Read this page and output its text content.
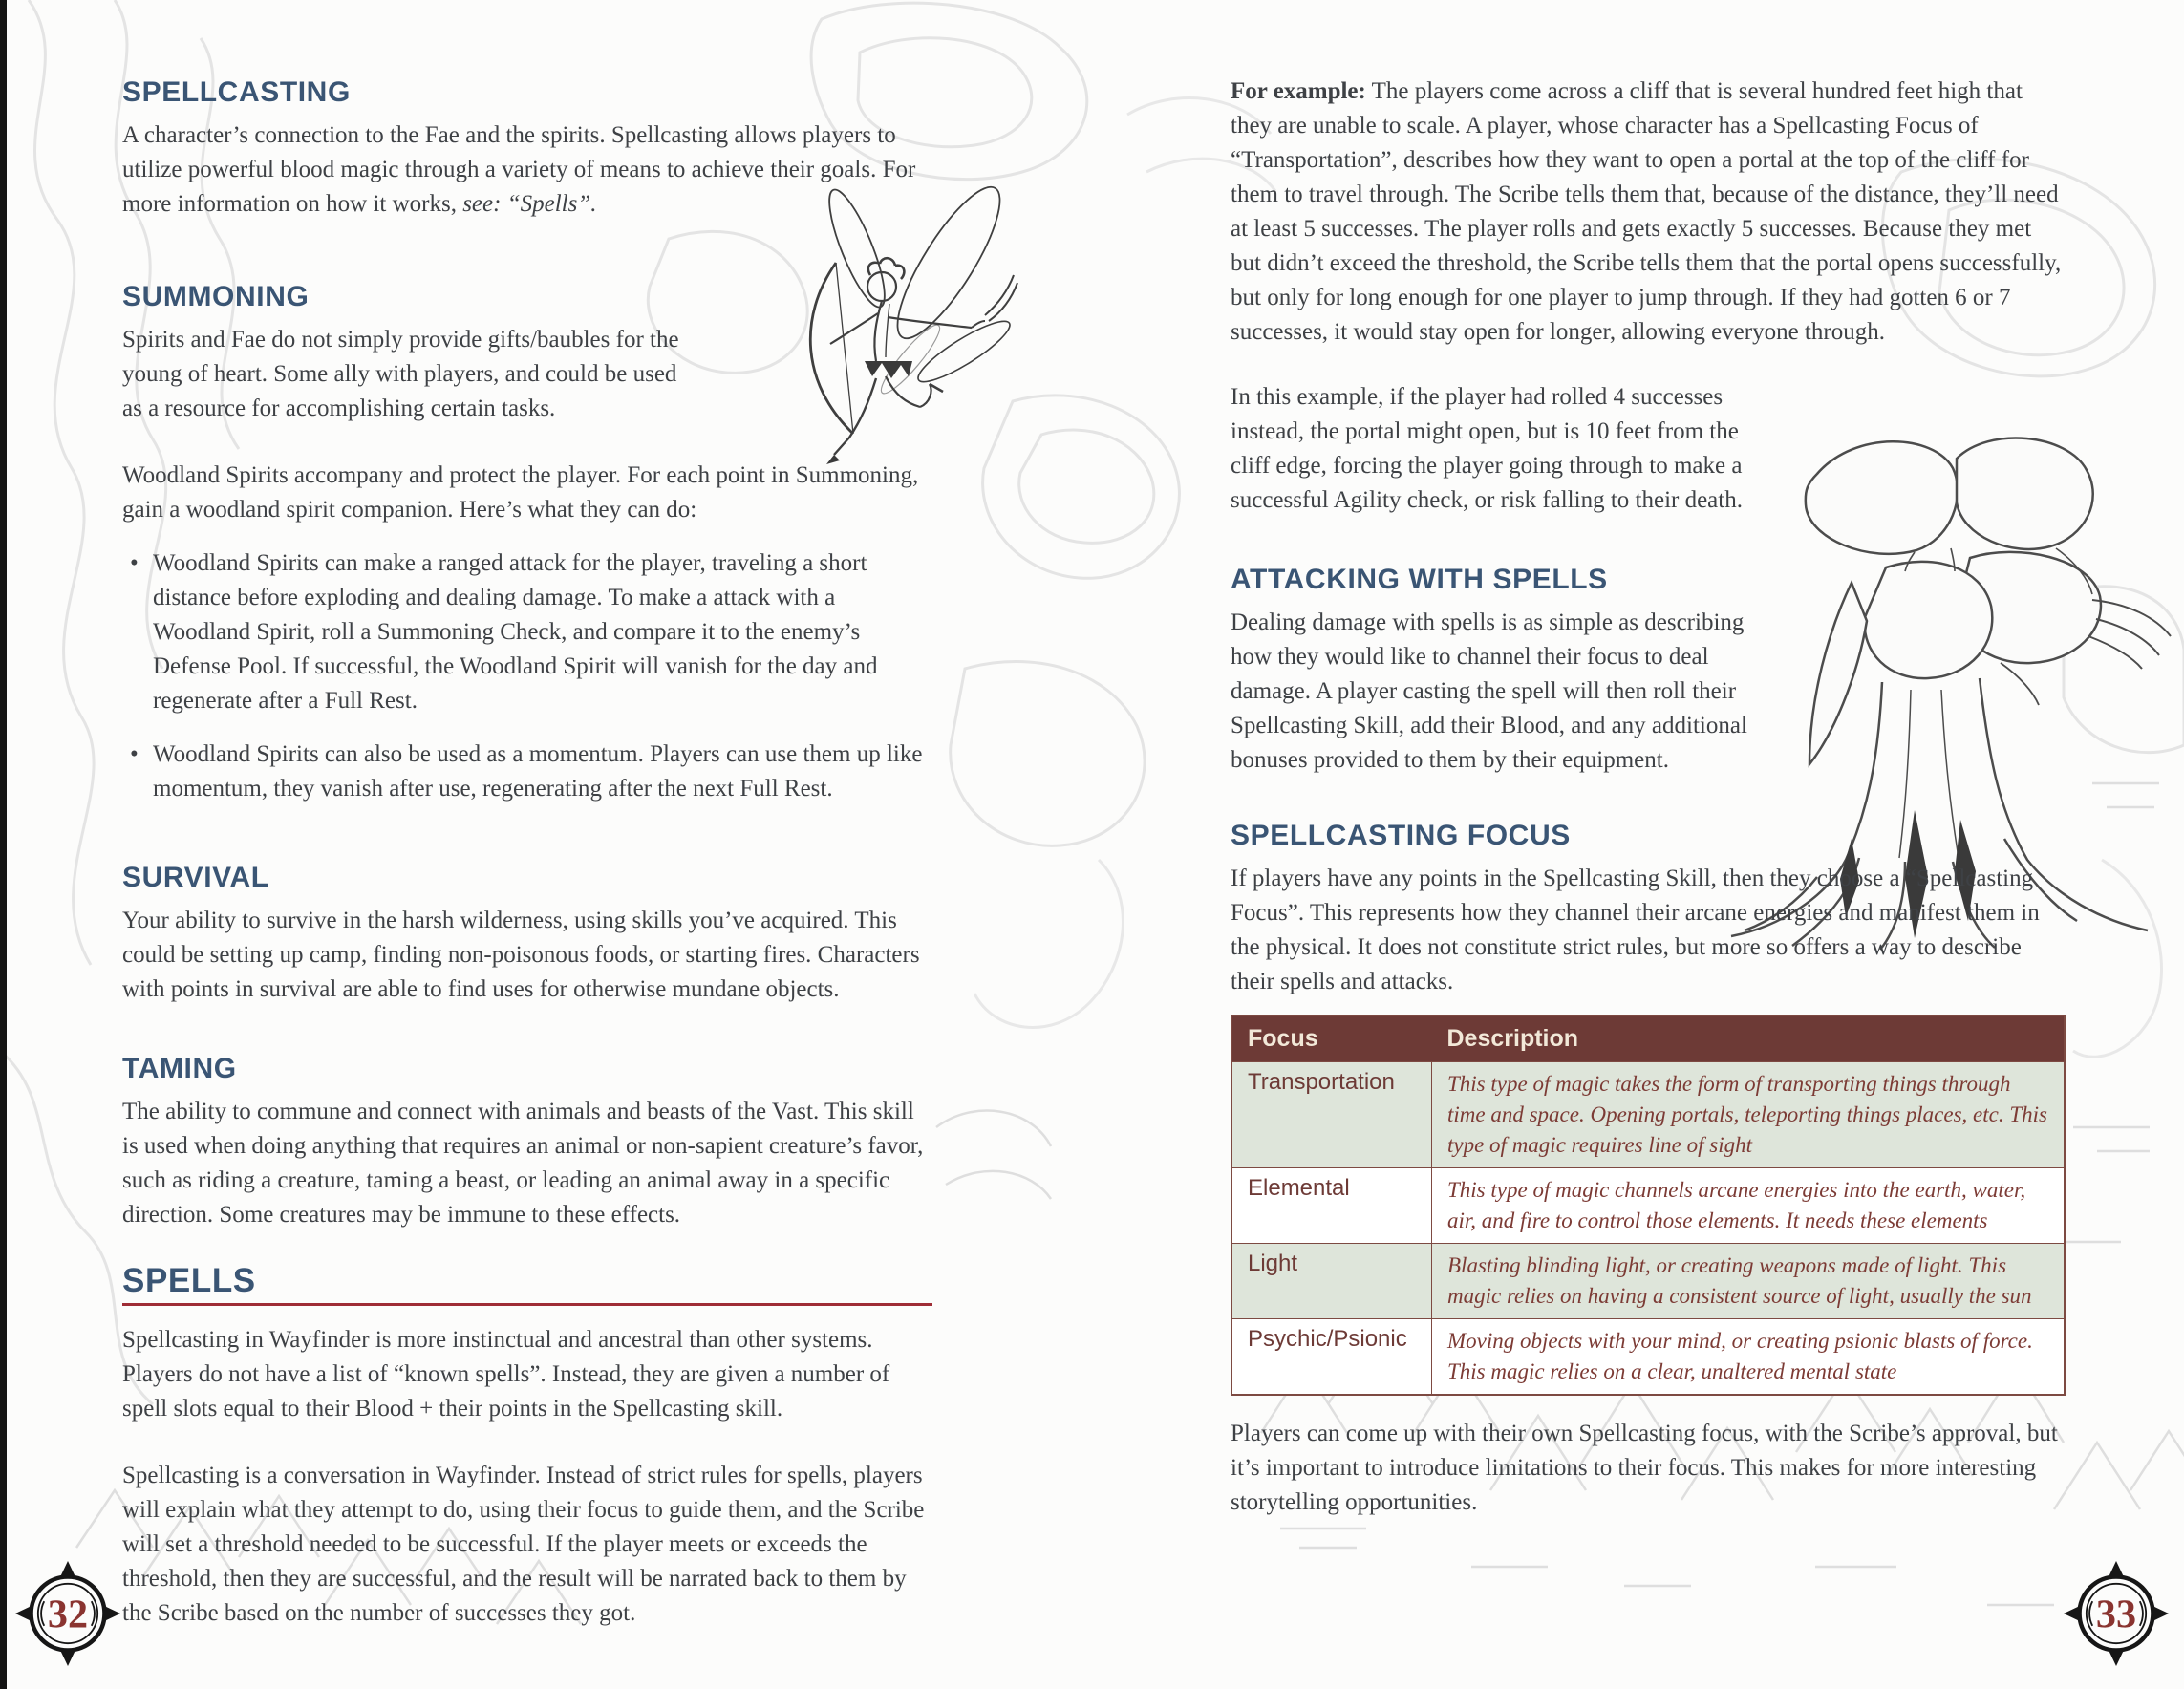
SPELLCASTING

A character’s connection to the Fae and the spirits. Spellcasting allows players to utilize powerful blood magic through a variety of means to achieve their goals. For more information on how it works, see: “Spells”.

SUMMONING

Spirits and Fae do not simply provide gifts/baubles for the young of heart. Some ally with players, and could be used as a resource for accomplishing certain tasks.

Woodland Spirits accompany and protect the player. For each point in Summoning, gain a woodland spirit companion. Here’s what they can do:

• Woodland Spirits can make a ranged attack for the player, traveling a short distance before exploding and dealing damage. To make a attack with a Woodland Spirit, roll a Summoning Check, and compare it to the enemy’s Defense Pool. If successful, the Woodland Spirit will vanish for the day and regenerate after a Full Rest.
• Woodland Spirits can also be used as a momentum. Players can use them up like momentum, they vanish after use, regenerating after the next Full Rest.
SURVIVAL

Your ability to survive in the harsh wilderness, using skills you’ve acquired. This could be setting up camp, finding non-poisonous foods, or starting fires. Characters with points in survival are able to find uses for otherwise mundane objects.

TAMING

The ability to commune and connect with animals and beasts of the Vast. This skill is used when doing anything that requires an animal or non-sapient creature’s favor, such as riding a creature, taming a beast, or leading an animal away in a specific direction. Some creatures may be immune to these effects.

SPELLS

Spellcasting in Wayfinder is more instinctual and ancestral than other systems. Players do not have a list of “known spells”. Instead, they are given a number of spell slots equal to their Blood + their points in the Spellcasting skill.

Spellcasting is a conversation in Wayfinder. Instead of strict rules for spells, players will explain what they attempt to do, using their focus to guide them, and the Scribe will set a threshold needed to be successful. If the player meets or exceeds the threshold, then they are successful, and the result will be narrated back to them by the Scribe based on the number of successes they got.

For example: The players come across a cliff that is several hundred feet high that they are unable to scale. A player, whose character has a Spellcasting Focus of “Transportation”, describes how they want to open a portal at the top of the cliff for them to travel through. The Scribe tells them that, because of the distance, they’ll need at least 5 successes. The player rolls and gets exactly 5 successes. Because they met but didn’t exceed the threshold, the Scribe tells them that the portal opens successfully, but only for long enough for one player to jump through. If they had gotten 6 or 7 successes, it would stay open for longer, allowing everyone through.

In this example, if the player had rolled 4 successes instead, the portal might open, but is 10 feet from the cliff edge, forcing the player going through to make a successful Agility check, or risk falling to their death.

ATTACKING WITH SPELLS

Dealing damage with spells is as simple as describing how they would like to channel their focus to deal damage. A player casting the spell will then roll their Spellcasting Skill, add their Blood, and any additional bonuses provided to them by their equipment.

SPELLCASTING FOCUS

If players have any points in the Spellcasting Skill, then they choose a “Spellcasting Focus”. This represents how they channel their arcane energies and manifest them in the physical. It does not constitute strict rules, but more so offers a way to describe their spells and attacks.

Focus	Description
Transportation	This type of magic takes the form of transporting things through time and space. Opening portals, teleporting things places, etc. This type of magic requires line of sight
Elemental	This type of magic channels arcane energies into the earth, water, air, and fire to control those elements. It needs these elements
Light	Blasting blinding light, or creating weapons made of light. This magic relies on having a consistent source of light, usually the sun
Psychic/Psionic	Moving objects with your mind, or creating psionic blasts of force. This magic relies on a clear, unaltered mental state

Players can come up with their own Spellcasting focus, with the Scribe’s approval, but it’s important to introduce limitations to their focus. This makes for more interesting storytelling opportunities.

32	33
